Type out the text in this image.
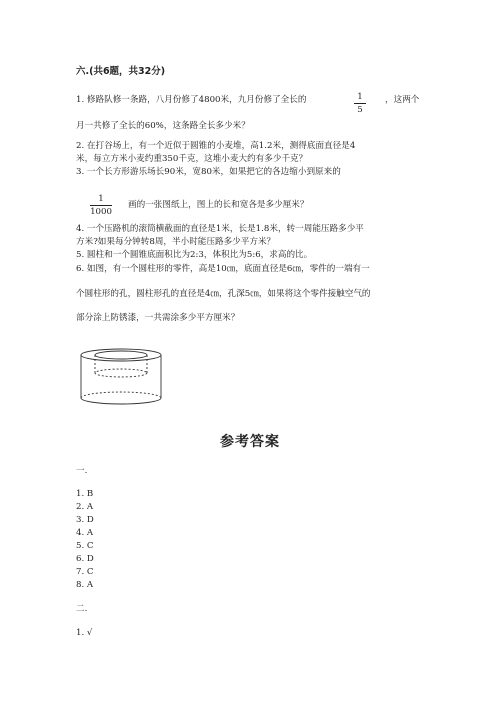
六.(共6题，共32分)
1. 修路队修一条路，八月份修了4800米，九月份修了全长的	1
5
，这两个
月一共修了全长的60%，这条路全长多少米？
2. 在打谷场上，有一个近似于圆锥的小麦堆，高1.2米，测得底面直径是4
米，每立方米小麦约重350千克，这堆小麦大约有多少千克？
3. 一个长方形游乐场长90米，宽80米，如果把它的各边缩小到原来的
1
1000
画的一张图纸上，图上的长和宽各是多少厘米？
4. 一个压路机的滚筒横截面的直径是1米，长是1.8米，转一周能压路多少平
方米?如果每分钟转8周，半小时能压路多少平方米？
5. 圆柱和一个圆锥底面积比为2:3，体积比为5:6，求高的比。
6. 如图，有一个圆柱形的零件，高是10㎝，底面直径是6㎝，零件的一端有一
个圆柱形的孔，圆柱形孔的直径是4㎝，孔深5㎝，如果将这个零件接触空气的
部分涂上防锈漆，一共需涂多少平方厘米？
参考答案
一.
1. B
2. A
3. D
4. A
5. C
6. D
7. C
8. A
二.
1. √
